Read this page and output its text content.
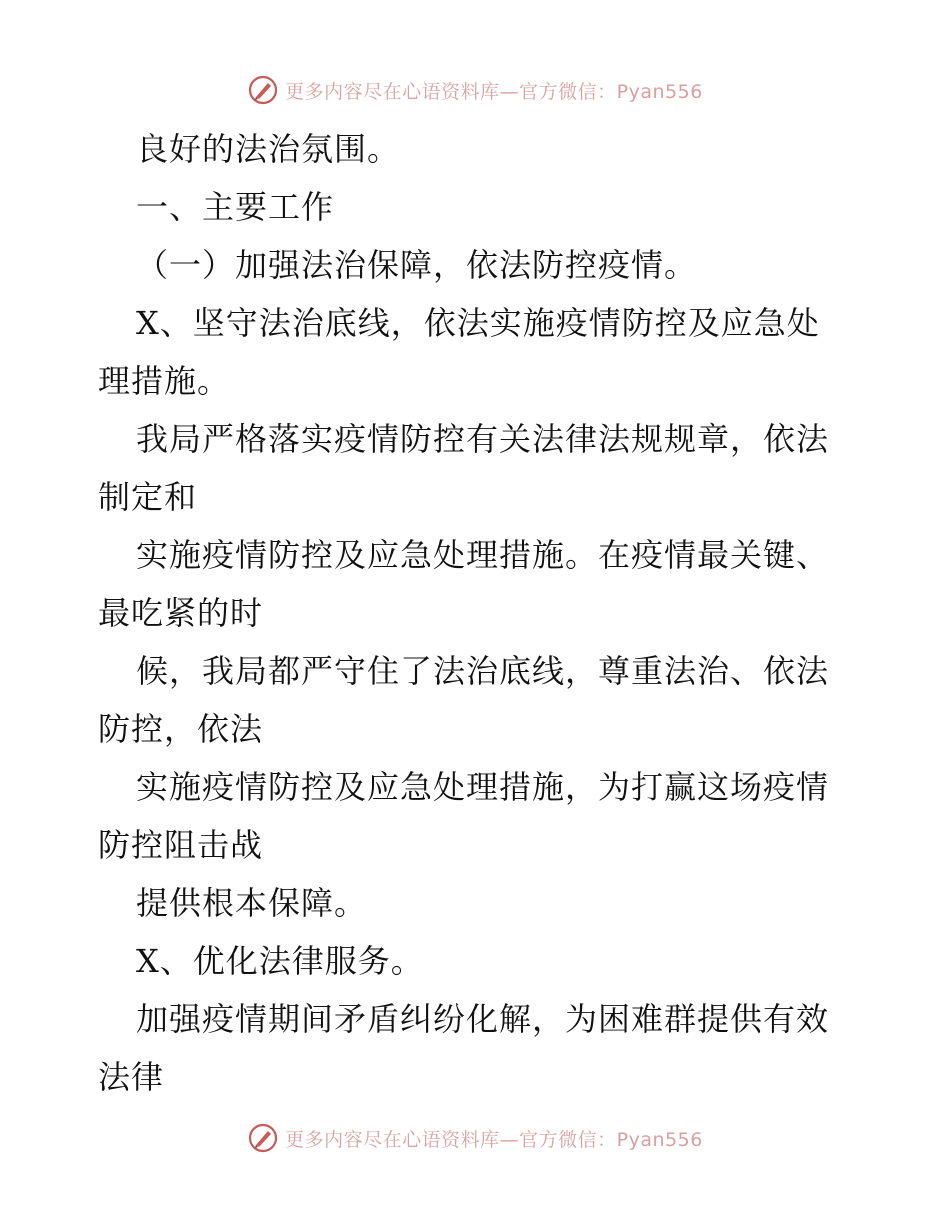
更多内容尽在心语资料库—官方微信：Pyan556
良好的法治氛围。
一、主要工作
（一）加强法治保障，依法防控疫情。
X、坚守法治底线，依法实施疫情防控及应急处
理措施。
我局严格落实疫情防控有关法律法规规章，依法
制定和
实施疫情防控及应急处理措施。在疫情最关键、
最吃紧的时
候，我局都严守住了法治底线，尊重法治、依法
防控，依法
实施疫情防控及应急处理措施，为打赢这场疫情
防控阻击战
提供根本保障。
X、优化法律服务。
加强疫情期间矛盾纠纷化解，为困难群提供有效
法律
更多内容尽在心语资料库—官方微信：Pyan556
